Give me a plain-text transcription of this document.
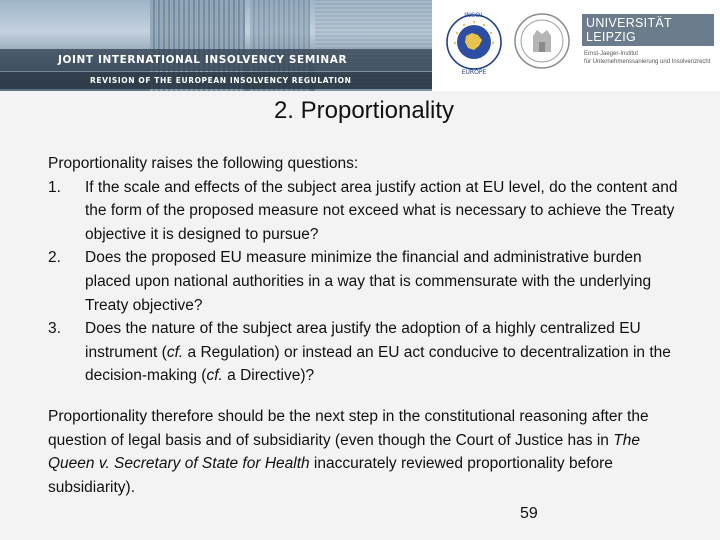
JOINT INTERNATIONAL INSOLVENCY SEMINAR
REVISION OF THE EUROPEAN INSOLVENCY REGULATION
INSOL
EUROPE
UNIVERSITÄT LEIPZIG
Ernst-Jaeger-Institut
für Unternehmenssanierung und Insolvenzrecht
2. Proportionality

Proportionality raises the following questions:

1.	If the scale and effects of the subject area justify action at EU level, do the content and the form of the proposed measure not exceed what is necessary to achieve the Treaty objective it is designed to pursue?
2.	Does the proposed EU measure minimize the financial and administrative burden placed upon national authorities in a way that is commensurate with the underlying Treaty objective?
3.	Does the nature of the subject area justify the adoption of a highly centralized EU instrument (cf. a Regulation) or instead an EU act conducive to decentralization in the decision-making (cf. a Directive)?

Proportionality therefore should be the next step in the constitutional reasoning after the question of legal basis and of subsidiarity (even though the Court of Justice has in The Queen v. Secretary of State for Health inaccurately reviewed proportionality before subsidiarity).

59
